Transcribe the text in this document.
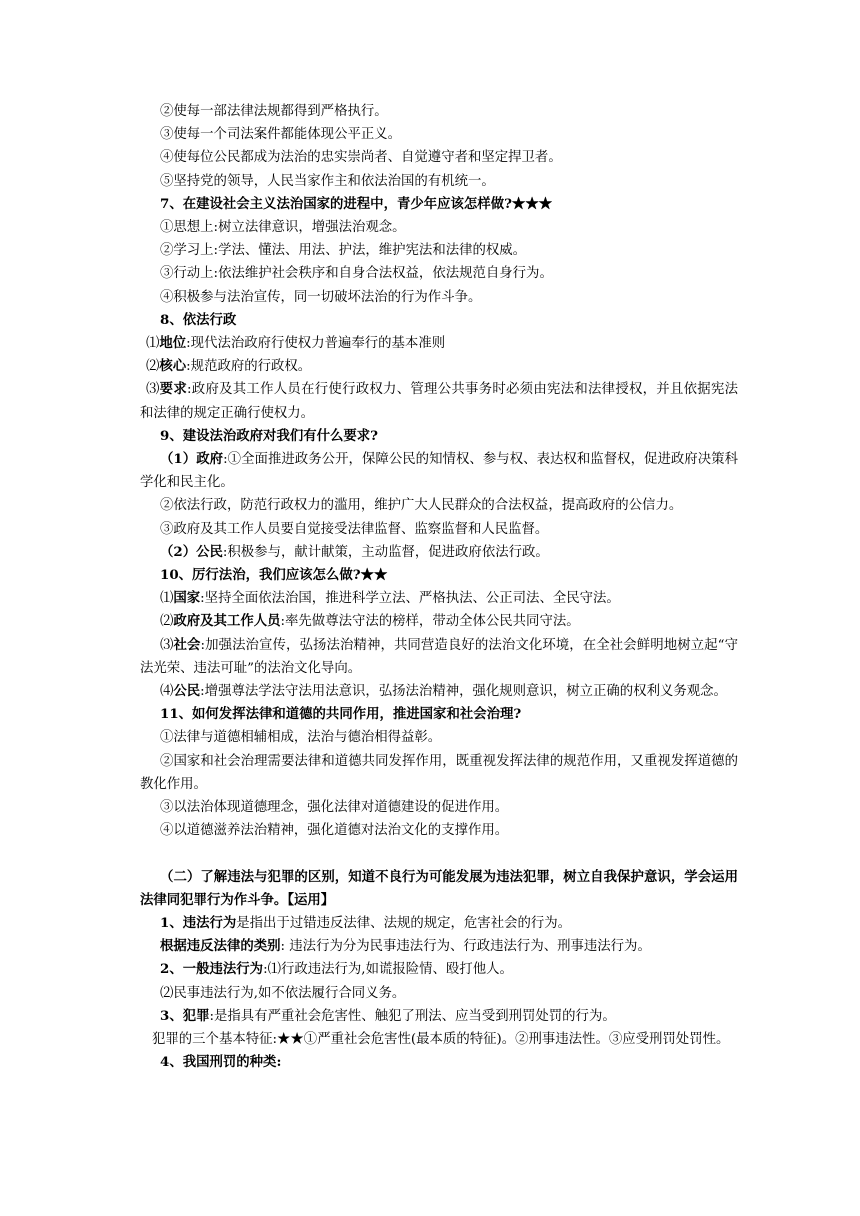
②使每一部法律法规都得到严格执行。

③使每一个司法案件都能体现公平正义。

④使每位公民都成为法治的忠实崇尚者、自觉遵守者和坚定捍卫者。

⑤坚持党的领导，人民当家作主和依法治国的有机统一。

7、在建设社会主义法治国家的进程中，青少年应该怎样做?★★★

①思想上:树立法律意识，增强法治观念。

②学习上:学法、懂法、用法、护法，维护宪法和法律的权威。

③行动上:依法维护社会秩序和自身合法权益，依法规范自身行为。

④积极参与法治宣传，同一切破坏法治的行为作斗争。

8、依法行政

⑴地位:现代法治政府行使权力普遍奉行的基本准则

⑵核心:规范政府的行政权。

⑶要求:政府及其工作人员在行使行政权力、管理公共事务时必须由宪法和法律授权，并且依据宪法和法律的规定正确行使权力。

9、建设法治政府对我们有什么要求?

（1）政府:①全面推进政务公开，保障公民的知情权、参与权、表达权和监督权，促进政府决策科学化和民主化。

②依法行政，防范行政权力的滥用，维护广大人民群众的合法权益，提高政府的公信力。

③政府及其工作人员要自觉接受法律监督、监察监督和人民监督。

（2）公民:积极参与，献计献策，主动监督，促进政府依法行政。

10、厉行法治，我们应该怎么做?★★

⑴国家:坚持全面依法治国，推进科学立法、严格执法、公正司法、全民守法。

⑵政府及其工作人员:率先做尊法守法的榜样，带动全体公民共同守法。

⑶社会:加强法治宣传，弘扬法治精神，共同营造良好的法治文化环境，在全社会鲜明地树立起“守法光荣、违法可耻”的法治文化导向。

⑷公民:增强尊法学法守法用法意识，弘扬法治精神，强化规则意识，树立正确的权利义务观念。

11、如何发挥法律和道德的共同作用，推进国家和社会治理?

①法律与道德相辅相成，法治与德治相得益彰。

②国家和社会治理需要法律和道德共同发挥作用，既重视发挥法律的规范作用，又重视发挥道德的教化作用。

③以法治体现道德理念，强化法律对道德建设的促进作用。

④以道德滋养法治精神，强化道德对法治文化的支撑作用。

（二）了解违法与犯罪的区别，知道不良行为可能发展为违法犯罪，树立自我保护意识，学会运用法律同犯罪行为作斗争。【运用】

1、违法行为是指出于过错违反法律、法规的规定，危害社会的行为。

根据违反法律的类别: 违法行为分为民事违法行为、行政违法行为、刑事违法行为。

2、一般违法行为:⑴行政违法行为,如谎报险情、殴打他人。

⑵民事违法行为,如不依法履行合同义务。

3、犯罪:是指具有严重社会危害性、触犯了刑法、应当受到刑罚处罚的行为。

犯罪的三个基本特征:★★①严重社会危害性(最本质的特征)。②刑事违法性。③应受刑罚处罚性。

4、我国刑罚的种类:
